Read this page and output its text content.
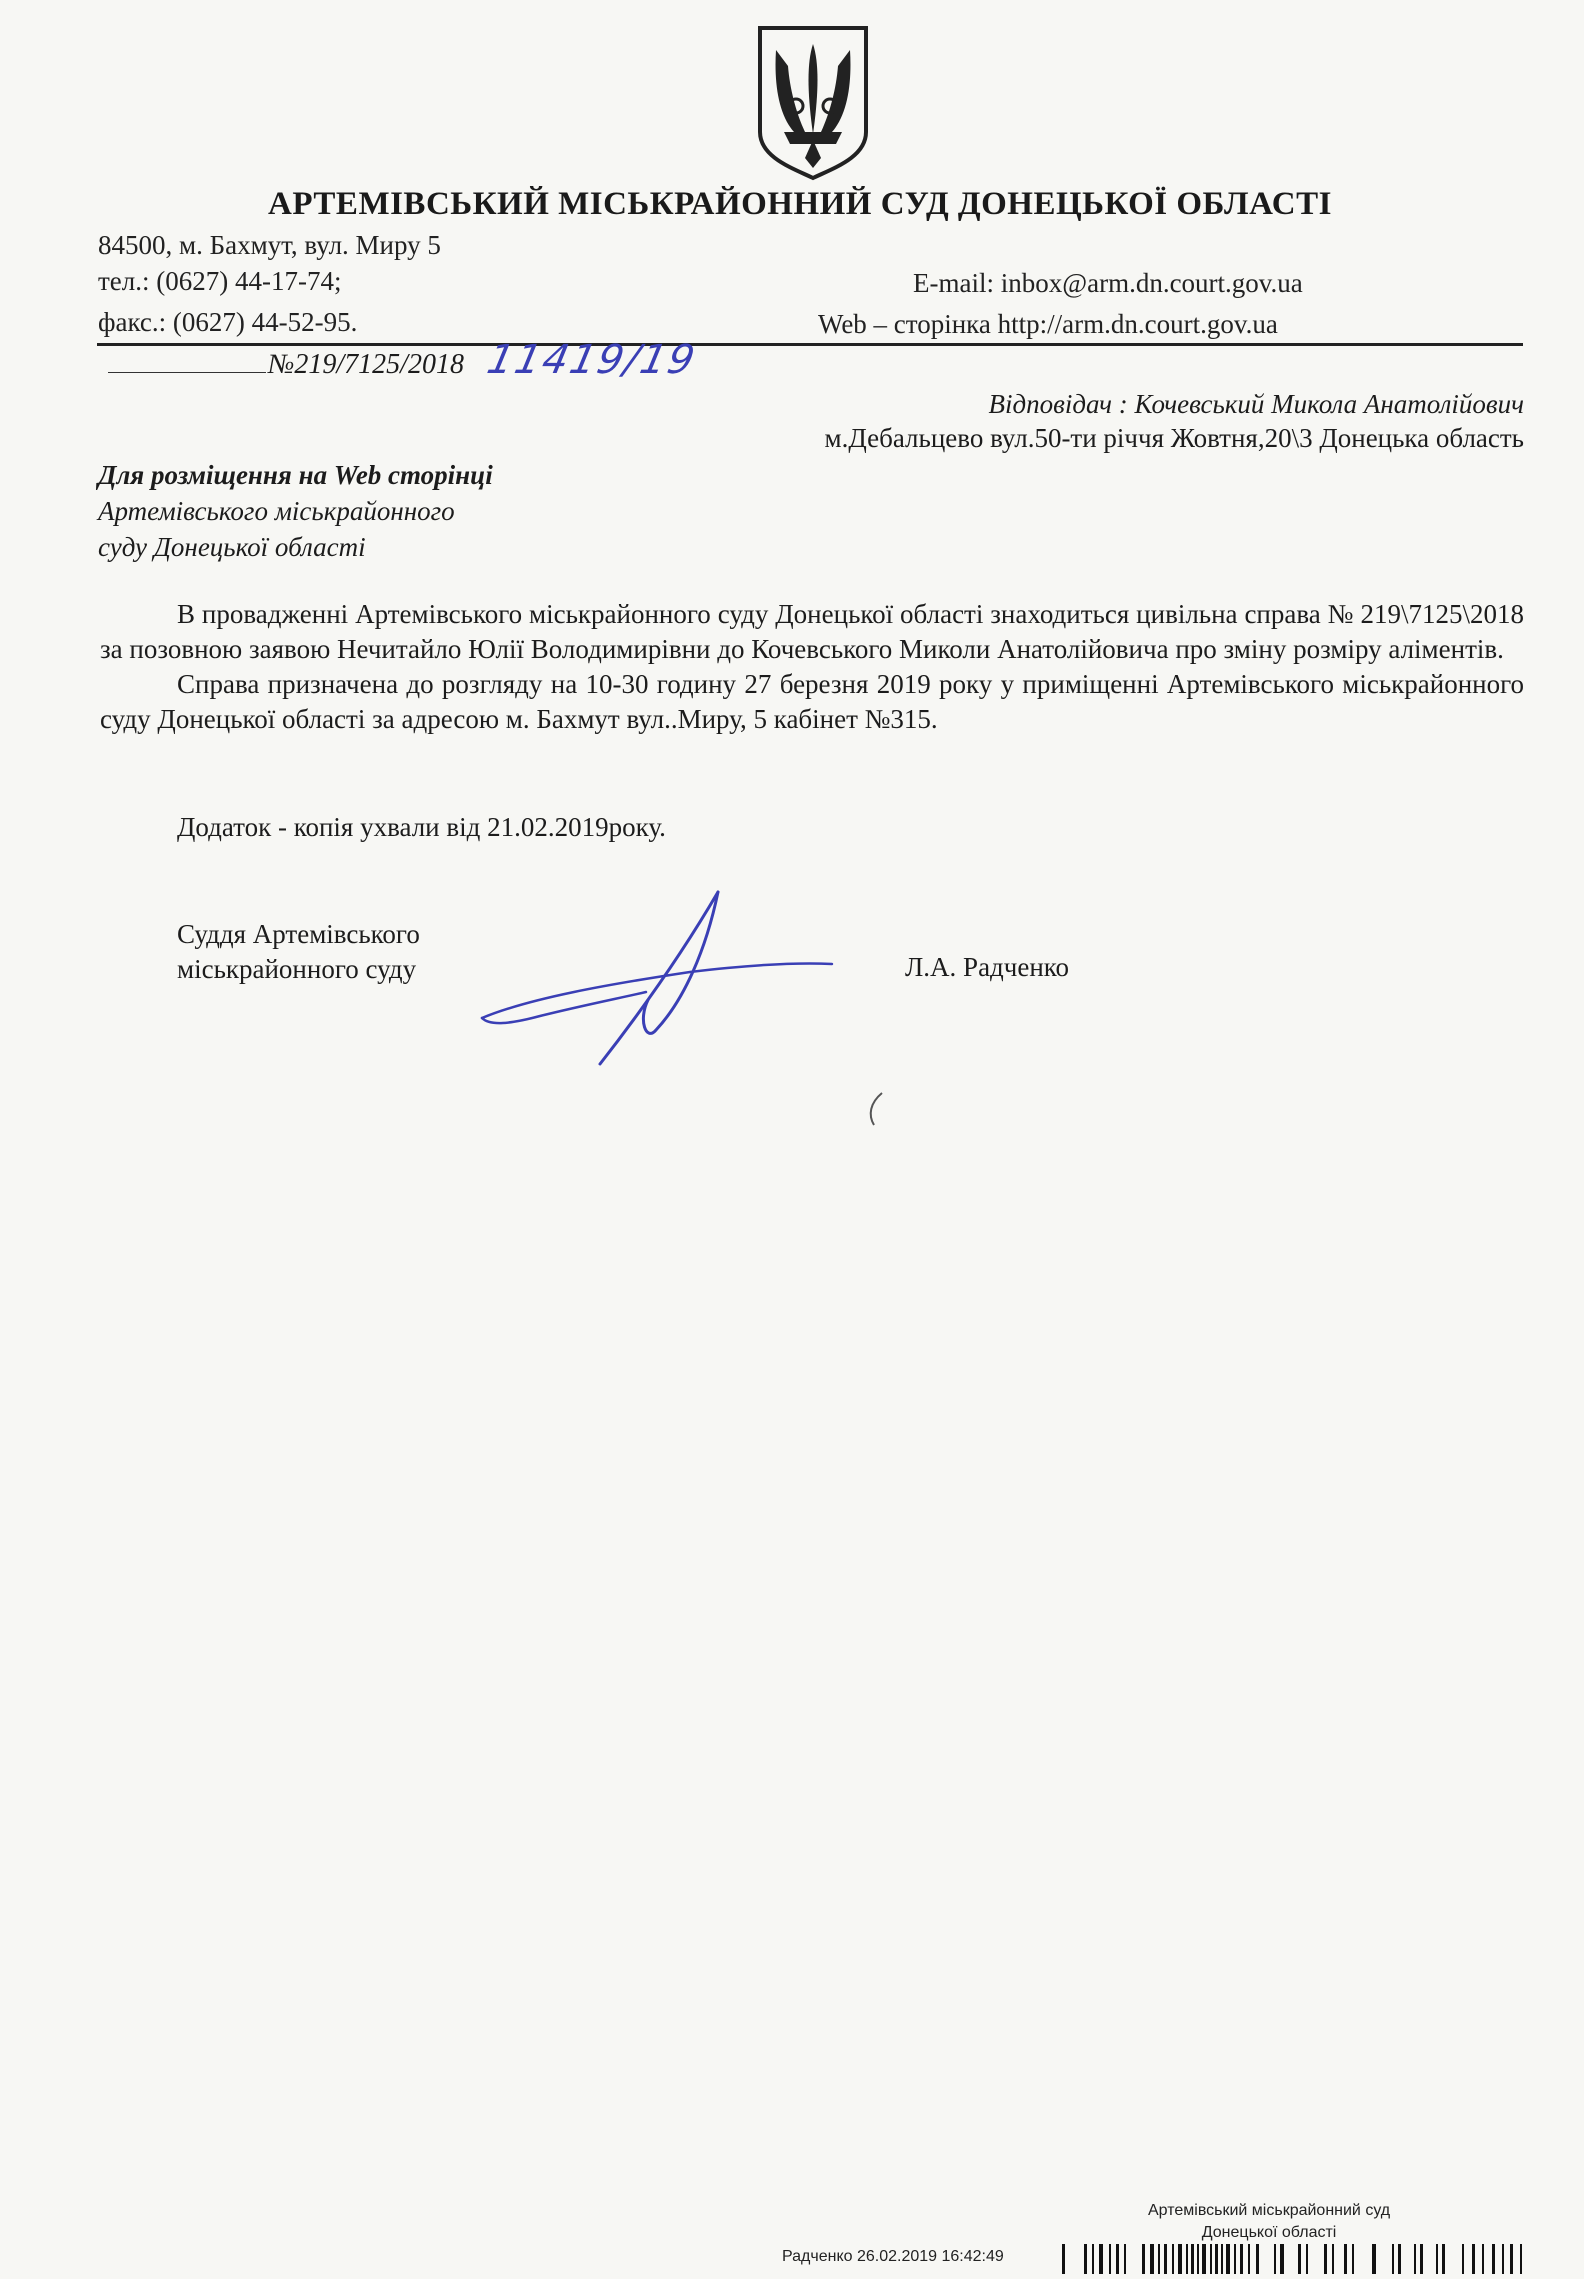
АРТЕМІВСЬКИЙ МІСЬКРАЙОННИЙ СУД ДОНЕЦЬКОЇ ОБЛАСТІ
84500, м. Бахмут, вул. Миру 5
тел.: (0627) 44-17-74;
факс.: (0627) 44-52-95.
E-mail: inbox@arm.dn.court.gov.ua
Web – сторінка http://arm.dn.court.gov.ua
№219/7125/2018 11419/19
Відповідач : Кочевський Микола Анатолійович
м.Дебальцево вул.50-ти річчя Жовтня,20\3 Донецька область
Для розміщення на Web сторінці
Артемівського міськрайонного
суду Донецької області

В провадженні Артемівського міськрайонного суду Донецької області знаходиться цивільна справа № 219\7125\2018 за позовною заявою Нечитайло Юлії Володимирівни до Кочевського Миколи Анатолійовича про зміну розміру аліментів.

Справа призначена до розгляду на 10-30 годину 27 березня 2019 року у приміщенні Артемівського міськрайонного суду Донецької області за адресою м. Бахмут вул..Миру, 5 кабінет №315.

Додаток - копія ухвали від 21.02.2019року.
Суддя Артемівського
міськрайонного суду	Л.А. Радченко
Артемівський міськрайонний суд
Донецької області
Радченко 26.02.2019 16:42:49
